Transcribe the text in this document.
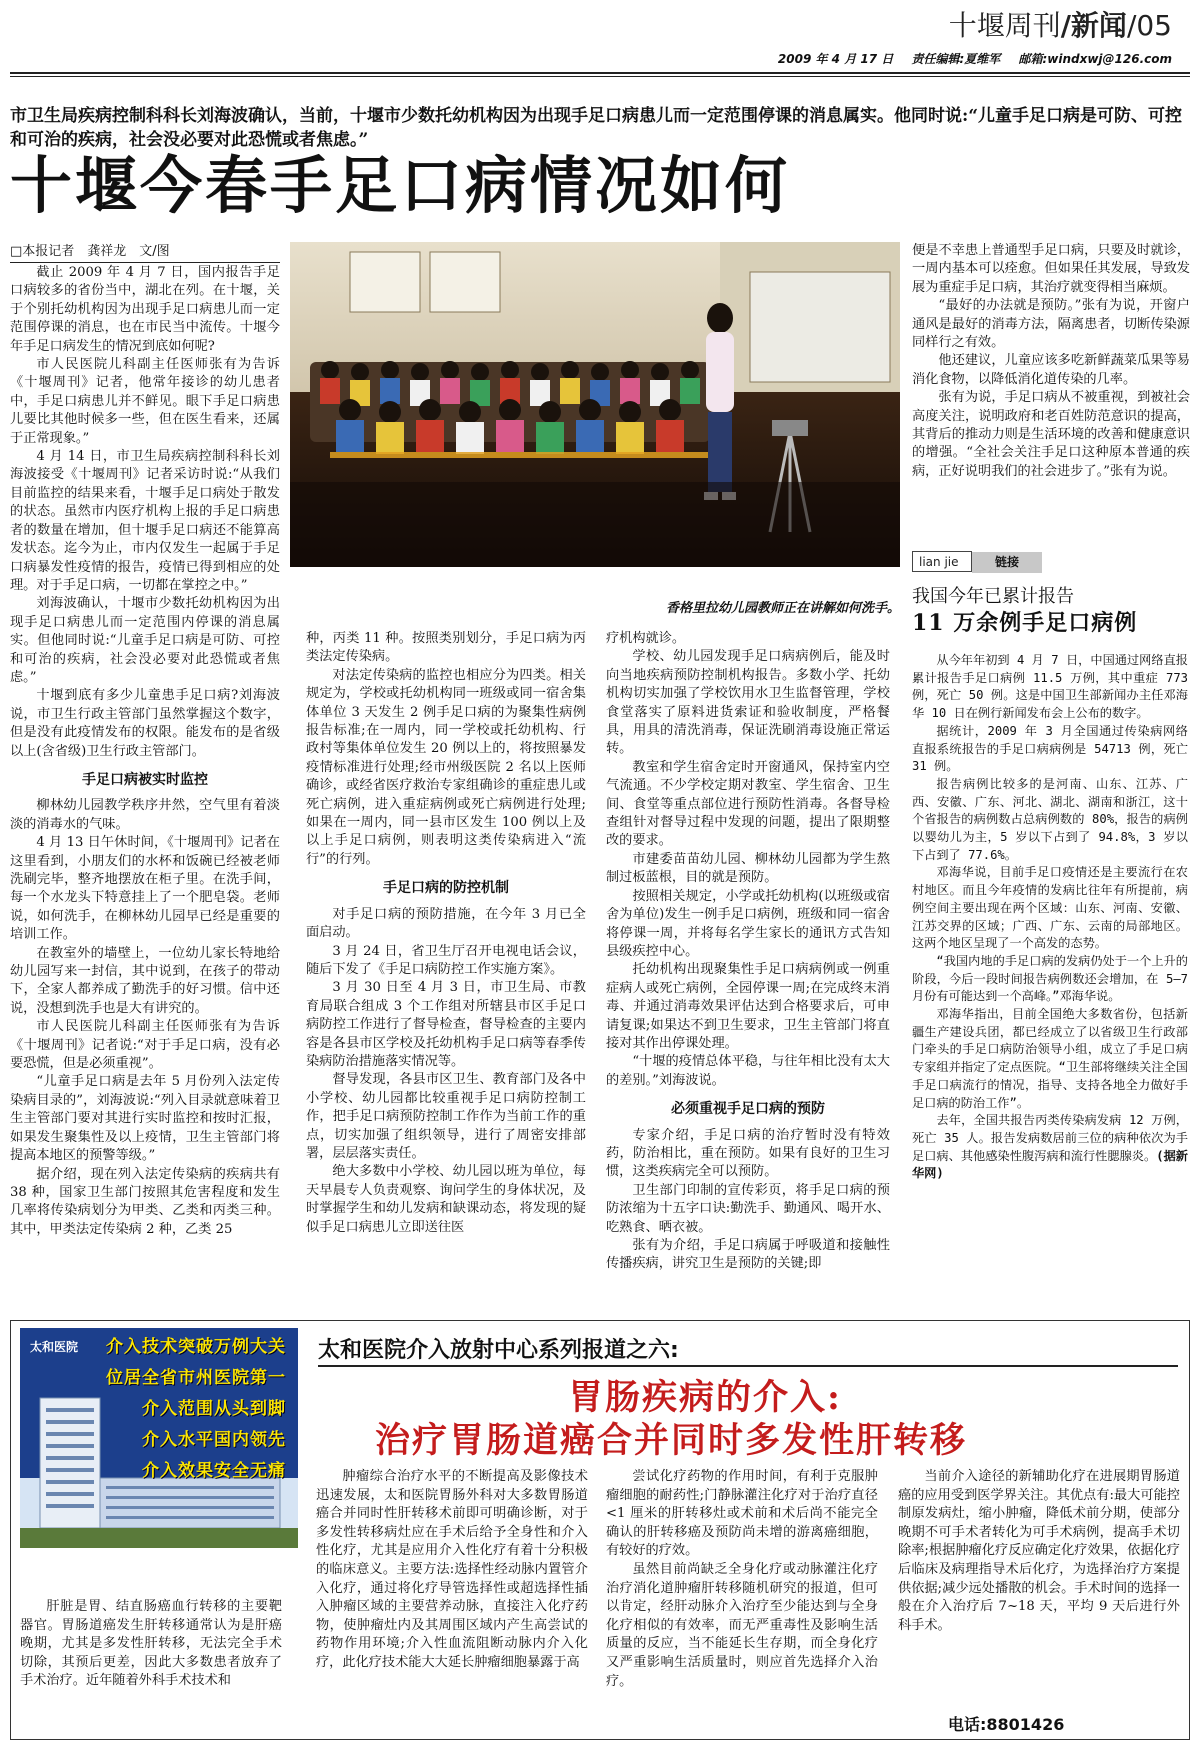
十堰周刊/新闻/05
2009 年 4 月 17 日 责任编辑:夏维军 邮箱:windxwj@126.com
市卫生局疾病控制科科长刘海波确认，当前，十堰市少数托幼机构因为出现手足口病患儿而一定范围停课的消息属实。他同时说:“儿童手足口病是可防、可控和可治的疾病，社会没必要对此恐慌或者焦虑。”
十堰今春手足口病情况如何
□本报记者　龚祥龙　文/图

截止 2009 年 4 月 7 日，国内报告手足口病较多的省份当中，湖北在列。在十堰，关于个别托幼机构因为出现手足口病患儿而一定范围停课的消息，也在市民当中流传。十堰今年手足口病发生的情况到底如何呢?

市人民医院儿科副主任医师张有为告诉《十堰周刊》记者，他常年接诊的幼儿患者中，手足口病患儿并不鲜见。眼下手足口病患儿要比其他时候多一些，但在医生看来，还属于正常现象。”

4 月 14 日，市卫生局疾病控制科科长刘海波接受《十堰周刊》记者采访时说:“从我们目前监控的结果来看，十堰手足口病处于散发的状态。虽然市内医疗机构上报的手足口病患者的数量在增加，但十堰手足口病还不能算高发状态。迄今为止，市内仅发生一起属于手足口病暴发性疫情的报告，疫情已得到相应的处理。对于手足口病，一切都在掌控之中。”

刘海波确认，十堰市少数托幼机构因为出现手足口病患儿而一定范围内停课的消息属实。但他同时说:“儿童手足口病是可防、可控和可治的疾病，社会没必要对此恐慌或者焦虑。”

十堰到底有多少儿童患手足口病?刘海波说，市卫生行政主管部门虽然掌握这个数字，但是没有此疫情发布的权限。能发布的是省级以上(含省级)卫生行政主管部门。

手足口病被实时监控

柳林幼儿园教学秩序井然，空气里有着淡淡的消毒水的气味。

4 月 13 日午休时间，《十堰周刊》记者在这里看到，小朋友们的水杯和饭碗已经被老师洗刷完毕，整齐地摆放在柜子里。在洗手间，每一个水龙头下特意挂上了一个肥皂袋。老师说，如何洗手，在柳林幼儿园早已经是重要的培训工作。

在教室外的墙壁上，一位幼儿家长特地给幼儿园写来一封信，其中说到，在孩子的带动下，全家人都养成了勤洗手的好习惯。信中还说，没想到洗手也是大有讲究的。

市人民医院儿科副主任医师张有为告诉《十堰周刊》记者说:“对于手足口病，没有必要恐慌，但是必须重视”。

“儿童手足口病是去年 5 月份列入法定传染病目录的”，刘海波说:“列入目录就意味着卫生主管部门要对其进行实时监控和按时汇报，如果发生聚集性及以上疫情，卫生主管部门将提高本地区的预警等级。”

据介绍，现在列入法定传染病的疾病共有 38 种，国家卫生部门按照其危害程度和发生几率将传染病划分为甲类、乙类和丙类三种。其中，甲类法定传染病 2 种，乙类 25

香格里拉幼儿园教师正在讲解如何洗手。

种，丙类 11 种。按照类别划分，手足口病为丙类法定传染病。

对法定传染病的监控也相应分为四类。相关规定为，学校或托幼机构同一班级或同一宿舍集体单位 3 天发生 2 例手足口病的为聚集性病例报告标准;在一周内，同一学校或托幼机构、行政村等集体单位发生 20 例以上的，将按照暴发疫情标准进行处理;经市州级医院 2 名以上医师确诊，或经省医疗救治专家组确诊的重症患儿或死亡病例，进入重症病例或死亡病例进行处理;如果在一周内，同一县市区发生 100 例以上及以上手足口病例，则表明这类传染病进入“流行”的行列。

手足口病的防控机制

对手足口病的预防措施，在今年 3 月已全面启动。

3 月 24 日，省卫生厅召开电视电话会议，随后下发了《手足口病防控工作实施方案》。

3 月 30 日至 4 月 3 日，市卫生局、市教育局联合组成 3 个工作组对所辖县市区手足口病防控工作进行了督导检查，督导检查的主要内容是各县市区学校及托幼机构手足口病等春季传染病防治措施落实情况等。

督导发现，各县市区卫生、教育部门及各中小学校、幼儿园都比较重视手足口病防控制工作，把手足口病预防控制工作作为当前工作的重点，切实加强了组织领导，进行了周密安排部署，层层落实责任。

绝大多数中小学校、幼儿园以班为单位，每天早晨专人负责观察、询问学生的身体状况，及时掌握学生和幼儿发病和缺课动态，将发现的疑似手足口病患儿立即送往医

疗机构就诊。

学校、幼儿园发现手足口病病例后，能及时向当地疾病预防控制机构报告。多数小学、托幼机构切实加强了学校饮用水卫生监督管理，学校食堂落实了原料进货索证和验收制度，严格餐具，用具的清洗消毒，保证洗刷消毒设施正常运转。

教室和学生宿舍定时开窗通风，保持室内空气流通。不少学校定期对教室、学生宿舍、卫生间、食堂等重点部位进行预防性消毒。各督导检查组针对督导过程中发现的问题，提出了限期整改的要求。

市建委苗苗幼儿园、柳林幼儿园都为学生熬制过板蓝根，目的就是预防。

按照相关规定，小学或托幼机构(以班级或宿舍为单位)发生一例手足口病例，班级和同一宿舍将停课一周，并将每名学生家长的通讯方式告知县级疾控中心。

托幼机构出现聚集性手足口病病例或一例重症病人或死亡病例，全园停课一周;在完成终末消毒、并通过消毒效果评估达到合格要求后，可申请复课;如果达不到卫生要求，卫生主管部门将直接对其作出停课处理。

“十堰的疫情总体平稳，与往年相比没有太大的差别。”刘海波说。

必须重视手足口病的预防

专家介绍，手足口病的治疗暂时没有特效药，防治相比，重在预防。如果有良好的卫生习惯，这类疾病完全可以预防。

卫生部门印制的宣传彩页，将手足口病的预防浓缩为十五字口诀:勤洗手、勤通风、喝开水、吃熟食、晒衣被。

张有为介绍，手足口病属于呼吸道和接触性传播疾病，讲究卫生是预防的关键;即

便是不幸患上普通型手足口病，只要及时就诊，一周内基本可以痊愈。但如果任其发展，导致发展为重症手足口病，其治疗就变得相当麻烦。

“最好的办法就是预防。”张有为说，开窗户通风是最好的消毒方法，隔离患者，切断传染源同样行之有效。

他还建议，儿童应该多吃新鲜蔬菜瓜果等易消化食物，以降低消化道传染的几率。

张有为说，手足口病从不被重视，到被社会高度关注，说明政府和老百姓防范意识的提高，其背后的推动力则是生活环境的改善和健康意识的增强。“全社会关注手足口这种原本普通的疾病，正好说明我们的社会进步了。”张有为说。

lian jie	链接
我国今年已累计报告
11 万余例手足口病例

从今年年初到 4 月 7 日，中国通过网络直报累计报告手足口病例 11.5 万例，其中重症 773 例，死亡 50 例。这是中国卫生部新闻办主任邓海华 10 日在例行新闻发布会上公布的数字。

据统计，2009 年 3 月全国通过传染病网络直报系统报告的手足口病病例是 54713 例，死亡 31 例。

报告病例比较多的是河南、山东、江苏、广西、安徽、广东、河北、湖北、湖南和浙江，这十个省报告的病例数占总病例数的 80%，报告的病例以婴幼儿为主，5 岁以下占到了 94.8%，3 岁以下占到了 77.6%。

邓海华说，目前手足口疫情还是主要流行在农村地区。而且今年疫情的发病比往年有所提前，病例空间主要出现在两个区域：山东、河南、安徽、江苏交界的区域；广西、广东、云南的局部地区。这两个地区呈现了一个高发的态势。

“我国内地的手足口病的发病仍处于一个上升的阶段，今后一段时间报告病例数还会增加，在 5—7 月份有可能达到一个高峰。”邓海华说。

邓海华指出，目前全国绝大多数省份，包括新疆生产建设兵团，都已经成立了以省级卫生行政部门牵头的手足口病防治领导小组，成立了手足口病专家组并指定了定点医院。“卫生部将继续关注全国手足口病流行的情况，指导、支持各地全力做好手足口病的防治工作”。

去年，全国共报告丙类传染病发病 12 万例，死亡 35 人。报告发病数居前三位的病种依次为手足口病、其他感染性腹泻病和流行性腮腺炎。(据新华网)

太和医院	介入技术突破万例大关
位居全省市州医院第一
介入范围从头到脚
介入水平国内领先
介入效果安全无痛
太和医院介入放射中心系列报道之六:
胃肠疾病的介入:
治疗胃肠道癌合并同时多发性肝转移

肝脏是胃、结直肠癌血行转移的主要靶器官。胃肠道癌发生肝转移通常认为是肝癌晚期，尤其是多发性肝转移，无法完全手术切除，其预后更差，因此大多数患者放弃了手术治疗。近年随着外科手术技术和

肿瘤综合治疗水平的不断提高及影像技术迅速发展，太和医院胃肠外科对大多数胃肠道癌合并同时性肝转移术前即可明确诊断，对于多发性转移病灶应在手术后给予全身性和介入性化疗，尤其是应用介入性化疗有着十分积极的临床意义。主要方法:选择性经动脉内置管介入化疗，通过将化疗导管选择性或超选择性插入肿瘤区域的主要营养动脉，直接注入化疗药物，使肿瘤灶内及其周围区域内产生高尝试的药物作用环境;介入性血流阻断动脉内介入化疗，此化疗技术能大大延长肿瘤细胞暴露于高

尝试化疗药物的作用时间，有利于克服肿瘤细胞的耐药性;门静脉灌注化疗对于治疗直径 <1 厘米的肝转移灶或术前和术后尚不能完全确认的肝转移癌及预防尚未增的游离癌细胞，有较好的疗效。

虽然目前尚缺乏全身化疗或动脉灌注化疗治疗消化道肿瘤肝转移随机研究的报道，但可以肯定，经肝动脉介入治疗至少能达到与全身化疗相似的有效率，而无严重毒性及影响生活质量的反应，当不能延长生存期，而全身化疗又严重影响生活质量时，则应首先选择介入治疗。

当前介入途径的新辅助化疗在进展期胃肠道癌的应用受到医学界关注。其优点有:最大可能控制原发病灶，缩小肿瘤，降低术前分期，使部分晚期不可手术者转化为可手术病例，提高手术切除率;根据肿瘤化疗反应确定化疗效果，依据化疗后临床及病理指导术后化疗，为选择治疗方案提供依据;减少远处播散的机会。手术时间的选择一般在介入治疗后 7~18 天，平均 9 天后进行外科手术。

电话:8801426
